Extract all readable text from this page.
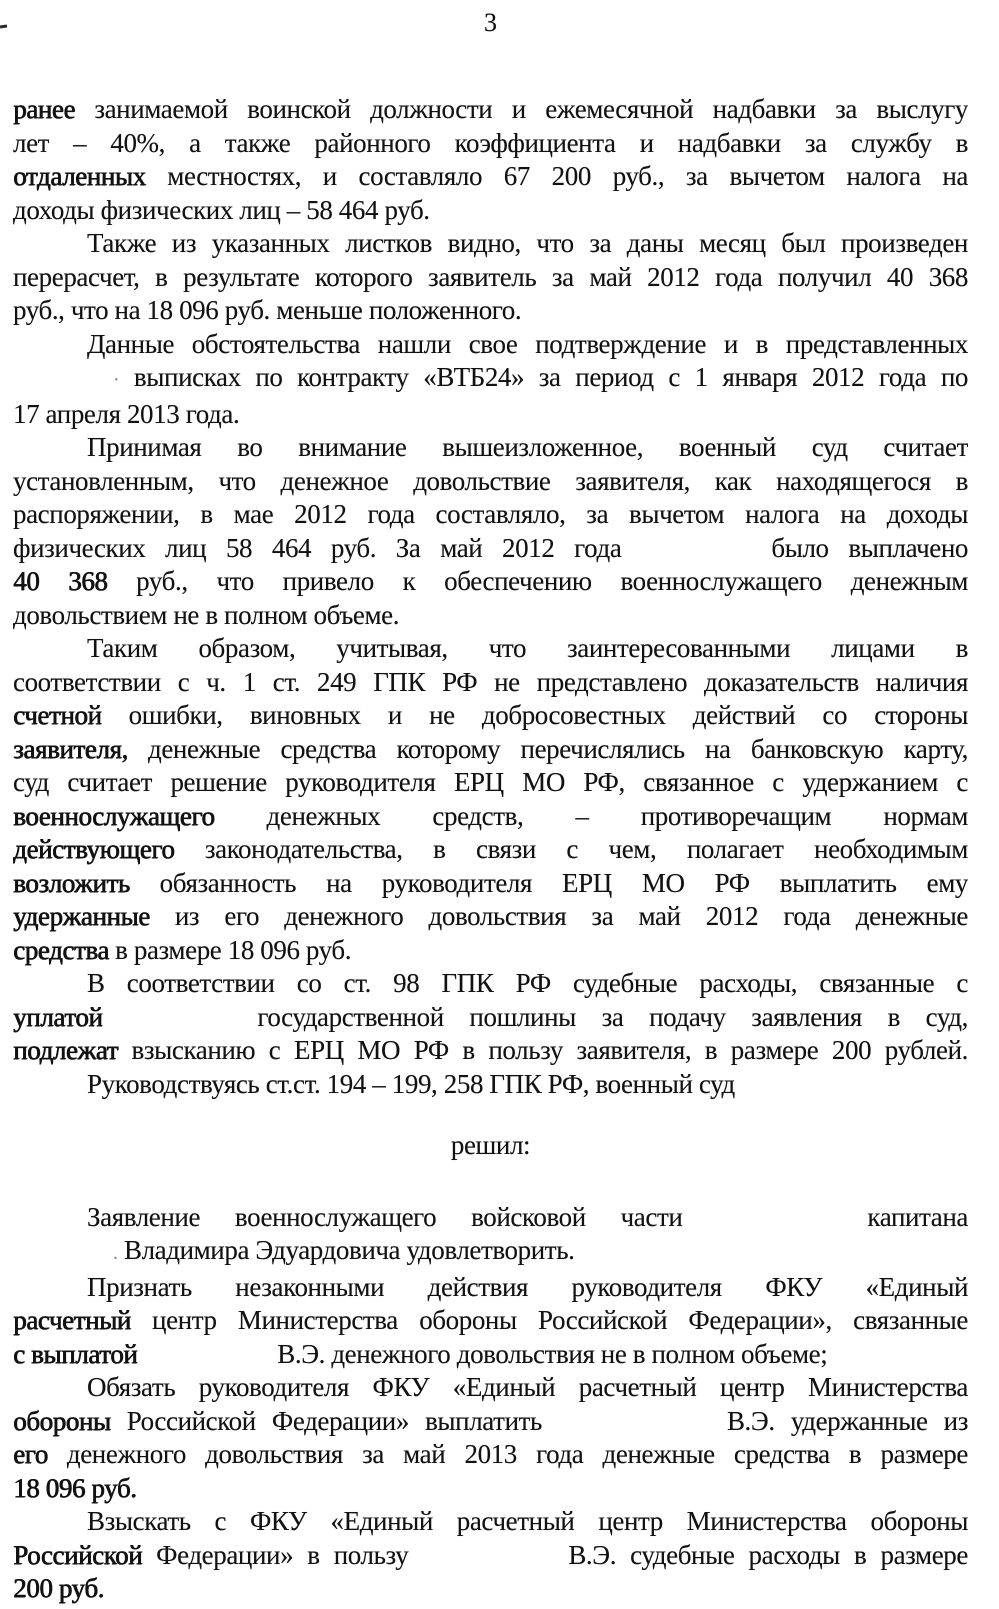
3
ранее занимаемой воинской должности и ежемесячной надбавки за выслугу
лет – 40%, а также районного коэффициента и надбавки за службу в
отдаленных местностях, и составляло 67 200 руб., за вычетом налога на
доходы физических лиц – 58 464 руб.
Также из указанных листков видно, что за даны месяц был произведен
перерасчет, в результате которого заявитель за май 2012 года получил 40 368
руб., что на 18 096 руб. меньше положенного.
Данные обстоятельства нашли свое подтверждение и в представленных
· выписках по контракту «ВТБ24» за период с 1 января 2012 года по
17 апреля 2013 года.
Принимая во внимание вышеизложенное, военный суд считает
установленным, что денежное довольствие заявителя, как находящегося в
распоряжении, в мае 2012 года составляло, за вычетом налога на доходы
физических лиц 58 464 руб. За май 2012 года	было выплачено
40 368 руб., что привело к обеспечению военнослужащего денежным
довольствием не в полном объеме.
Таким образом, учитывая, что заинтересованными лицами в
соответствии с ч. 1 ст. 249 ГПК РФ не представлено доказательств наличия
счетной ошибки, виновных и не добросовестных действий со стороны
заявителя, денежные средства которому перечислялись на банковскую карту,
суд считает решение руководителя ЕРЦ МО РФ, связанное с удержанием с
военнослужащего денежных средств, – противоречащим нормам
действующего законодательства, в связи с чем, полагает необходимым
возложить обязанность на руководителя ЕРЦ МО РФ выплатить ему
удержанные из его денежного довольствия за май 2012 года денежные
средства в размере 18 096 руб.
В соответствии со ст. 98 ГПК РФ судебные расходы, связанные с
уплатой	государственной пошлины за подачу заявления в суд,
подлежат взысканию с ЕРЦ МО РФ в пользу заявителя, в размере 200 рублей.
Руководствуясь ст.ст. 194 – 199, 258 ГПК РФ, военный суд
решил:
Заявление военнослужащего войсковой части	капитана
. Владимира Эдуардовича удовлетворить.
Признать незаконными действия руководителя ФКУ «Единый
расчетный центр Министерства обороны Российской Федерации», связанные
с выплатой	В.Э. денежного довольствия не в полном объеме;
Обязать руководителя ФКУ «Единый расчетный центр Министерства
обороны Российской Федерации» выплатить	В.Э. удержанные из
его денежного довольствия за май 2013 года денежные средства в размере
18 096 руб.
Взыскать с ФКУ «Единый расчетный центр Министерства обороны
Российской Федерации» в пользу	В.Э. судебные расходы в размере
200 руб.
